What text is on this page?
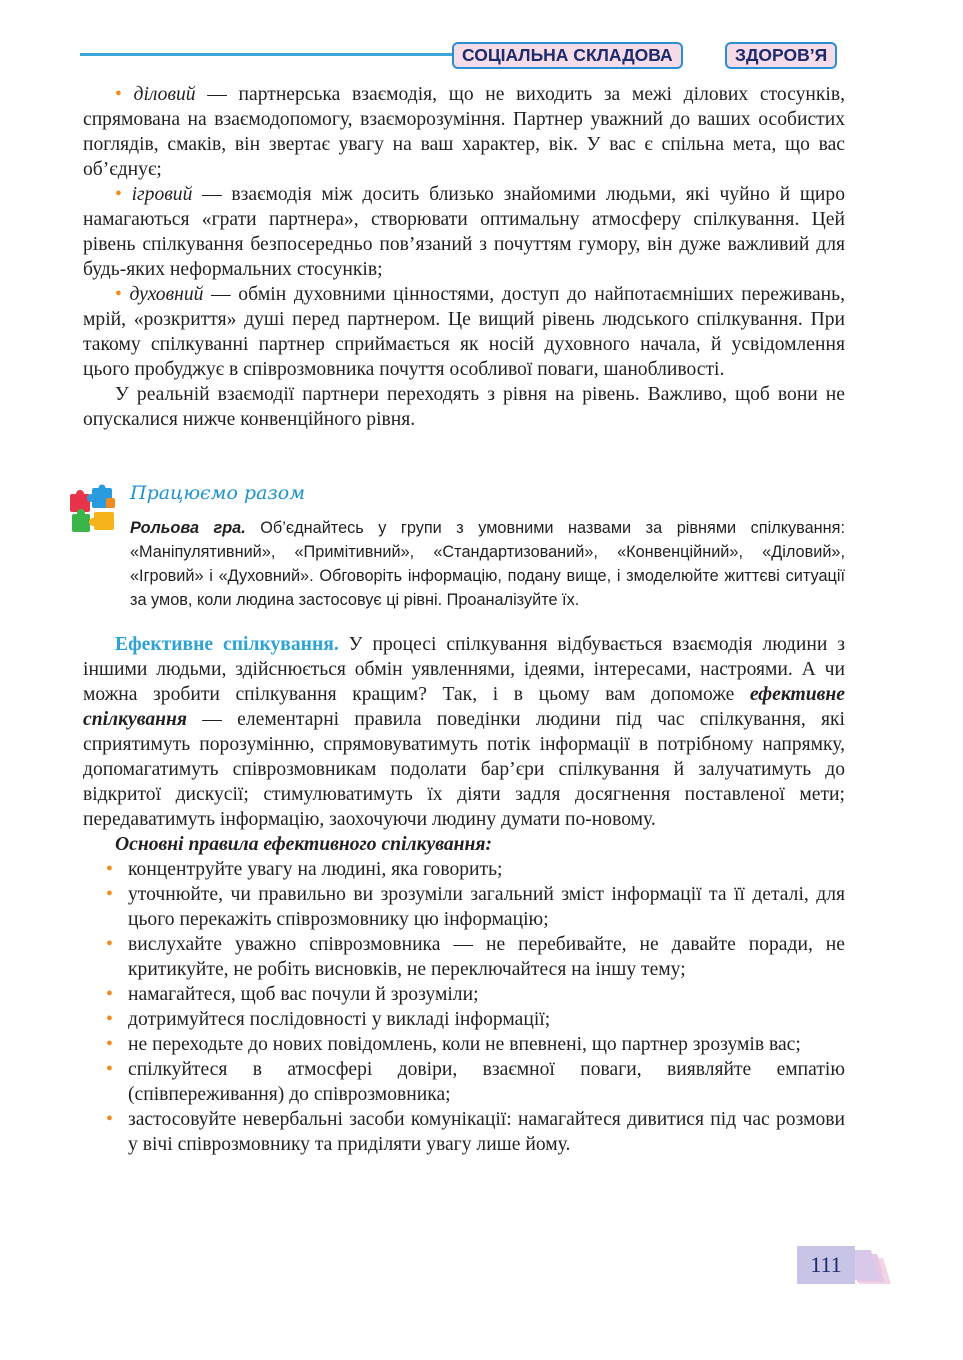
СОЦІАЛЬНА СКЛАДОВА	ЗДОРОВ’Я

• діловий — партнерська взаємодія, що не виходить за межі ділових стосунків, спрямована на взаємодопомогу, взаєморозуміння. Партнер уважний до ваших особистих поглядів, смаків, він звертає увагу на ваш характер, вік. У вас є спільна мета, що вас об’єднує;

• ігровий — взаємодія між досить близько знайомими людьми, які чуйно й щиро намагаються «грати партнера», створювати оптимальну атмосферу спілкування. Цей рівень спілкування безпосередньо пов’язаний з почуттям гумору, він дуже важливий для будь-яких неформальних стосунків;

• духовний — обмін духовними цінностями, доступ до найпотаємніших переживань, мрій, «розкриття» душі перед партнером. Це вищий рівень людського спілкування. При такому спілкуванні партнер сприймається як носій духовного начала, й усвідомлення цього пробуджує в співрозмовника почуття особливої поваги, шанобливості.

У реальній взаємодії партнери переходять з рівня на рівень. Важливо, щоб вони не опускалися нижче конвенційного рівня.

Працюємо разом
Рольова гра. Об’єднайтесь у групи з умовними назвами за рівнями спілкування: «Маніпулятивний», «Примітивний», «Стандартизований», «Конвенційний», «Діловий», «Ігровий» і «Духовний». Обговоріть інформацію, подану вище, і змоделюйте життєві ситуації за умов, коли людина застосовує ці рівні. Проаналізуйте їх.

Ефективне спілкування. У процесі спілкування відбувається взаємодія людини з іншими людьми, здійснюється обмін уявленнями, ідеями, інтересами, настроями. А чи можна зробити спілкування кращим? Так, і в цьому вам допоможе ефективне спілкування — елементарні правила поведінки людини під час спілкування, які сприятимуть порозумінню, спрямовуватимуть потік інформації в потрібному напрямку, допомагатимуть співрозмовникам подолати бар’єри спілкування й залучатимуть до відкритої дискусії; стимулюватимуть їх діяти задля досягнення поставленої мети; передаватимуть інформацію, заохочуючи людину думати по-новому.

Основні правила ефективного спілкування:

• концентруйте увагу на людині, яка говорить;
• уточнюйте, чи правильно ви зрозуміли загальний зміст інформації та її деталі, для цього перекажіть співрозмовнику цю інформацію;
• вислухайте уважно співрозмовника — не перебивайте, не давайте поради, не критикуйте, не робіть висновків, не переключайтеся на іншу тему;
• намагайтеся, щоб вас почули й зрозуміли;
• дотримуйтеся послідовності у викладі інформації;
• не переходьте до нових повідомлень, коли не впевнені, що партнер зрозумів вас;
• спілкуйтеся в атмосфері довіри, взаємної поваги, виявляйте емпатію (співпереживання) до співрозмовника;
• застосовуйте невербальні засоби комунікації: намагайтеся дивитися під час розмови у вічі співрозмовнику та приділяти увагу лише йому.
111
